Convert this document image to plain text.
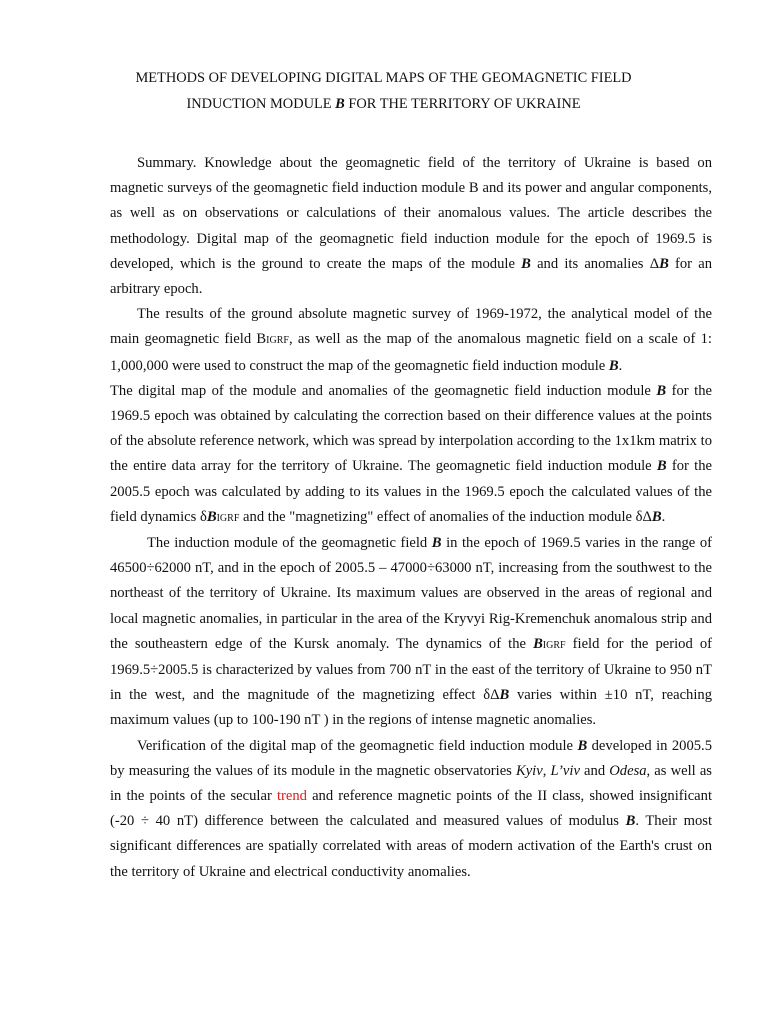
METHODS OF DEVELOPING DIGITAL MAPS OF THE GEOMAGNETIC FIELD
INDUCTION MODULE B FOR THE TERRITORY OF UKRAINE

Summary. Knowledge about the geomagnetic field of the territory of Ukraine is based on magnetic surveys of the geomagnetic field induction module B and its power and angular components, as well as on observations or calculations of their anomalous values. The article describes the methodology. Digital map of the geomagnetic field induction module for the epoch of 1969.5 is developed, which is the ground to create the maps of the module B and its anomalies ΔB for an arbitrary epoch.

The results of the ground absolute magnetic survey of 1969-1972, the analytical model of the main geomagnetic field BIGRF, as well as the map of the anomalous magnetic field on a scale of 1: 1,000,000 were used to construct the map of the geomagnetic field induction module B.

The digital map of the module and anomalies of the geomagnetic field induction module B for the 1969.5 epoch was obtained by calculating the correction based on their difference values at the points of the absolute reference network, which was spread by interpolation according to the 1x1km matrix to the entire data array for the territory of Ukraine. The geomagnetic field induction module B for the 2005.5 epoch was calculated by adding to its values in the 1969.5 epoch the calculated values of the field dynamics δBIGRF and the "magnetizing" effect of anomalies of the induction module δΔB.

The induction module of the geomagnetic field B in the epoch of 1969.5 varies in the range of 46500÷62000 nT, and in the epoch of 2005.5 – 47000÷63000 nT, increasing from the southwest to the northeast of the territory of Ukraine. Its maximum values are observed in the areas of regional and local magnetic anomalies, in particular in the area of the Kryvyi Rig-Kremenchuk anomalous strip and the southeastern edge of the Kursk anomaly. The dynamics of the BIGRF field for the period of 1969.5÷2005.5 is characterized by values from 700 nT in the east of the territory of Ukraine to 950 nT in the west, and the magnitude of the magnetizing effect δΔB varies within ±10 nT, reaching maximum values (up to 100-190 nT ) in the regions of intense magnetic anomalies.

Verification of the digital map of the geomagnetic field induction module B developed in 2005.5 by measuring the values of its module in the magnetic observatories Kyiv, L’viv and Odesa, as well as in the points of the secular trend and reference magnetic points of the II class, showed insignificant (-20 ÷ 40 nT) difference between the calculated and measured values of modulus B. Their most significant differences are spatially correlated with areas of modern activation of the Earth's crust on the territory of Ukraine and electrical conductivity anomalies.
